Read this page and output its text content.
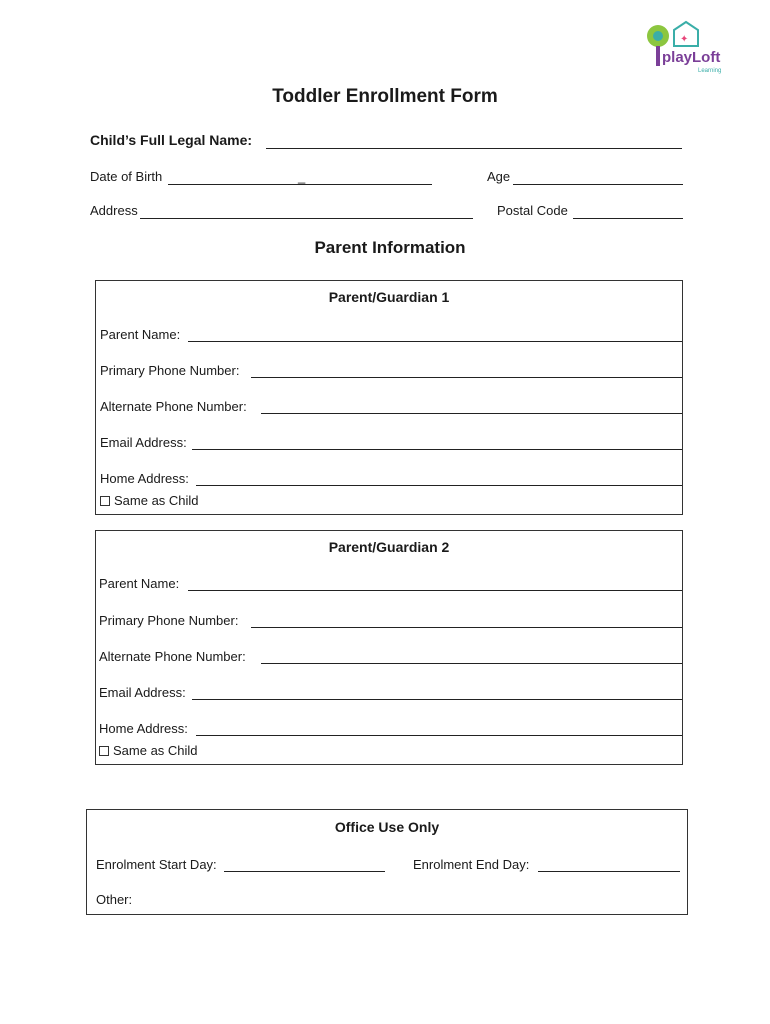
✦
playLoft
Learning
Toddler Enrollment Form
Child’s Full Legal Name:
Date of Birth	_	Age
Address	Postal Code
Parent Information
Parent/Guardian 1
Parent Name:
Primary Phone Number:
Alternate Phone Number:
Email Address:
Home Address:
Same as Child
Parent/Guardian 2
Parent Name:
Primary Phone Number:
Alternate Phone Number:
Email Address:
Home Address:
Same as Child
Office Use Only
Enrolment Start Day:	Enrolment End Day:
Other:
